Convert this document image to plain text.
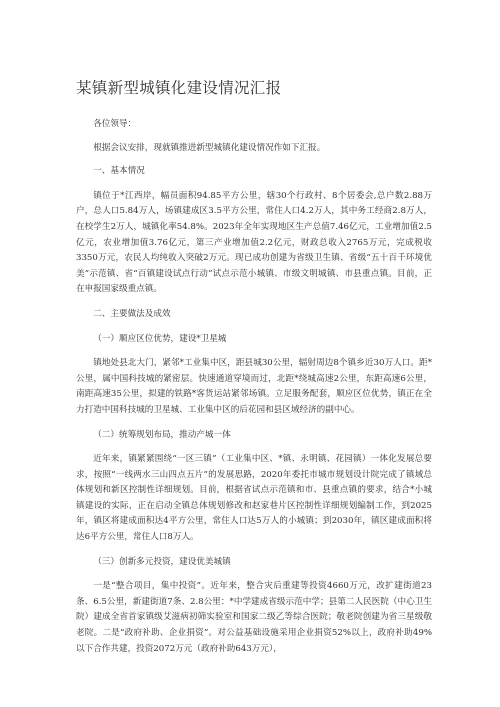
某镇新型城镇化建设情况汇报

各位领导：

根据会议安排，现就镇推进新型城镇化建设情况作如下汇报。

一、基本情况

镇位于*江西岸，幅员面积94.85平方公里，辖30个行政村、8个居委会,总户数2.88万户，总人口5.84万人，场镇建成区3.5平方公里，常住人口4.2万人，其中务工经商2.8万人，在校学生2万人，城镇化率54.8%。2023年全年实现地区生产总值7.46亿元，工业增加值2.5亿元，农业增加值3.76亿元，第三产业增加值2.2亿元，财政总收入2765万元，完成税收3350万元，农民人均纯收入突破2万元。现已成功创建为省级卫生镇、省级“五十百千环境优美”示范镇、省“百镇建设试点行动”试点示范小城镇、市级文明城镇、市县重点镇。目前，正在申报国家级重点镇。

二、主要做法及成效

（一）顺应区位优势，建设*卫星城

镇地处县北大门，紧邻*工业集中区，距县城30公里，辐射周边8个镇乡近30万人口。距*公里，属中国科技城的紧密层。快速通道穿境而过，北距*绕城高速2公里，东距高速6公里，南距高速35公里，拟建的铁路*客货运站紧邻场镇。立足服务配套，顺应区位优势，镇正在全力打造中国科技城的卫星城、工业集中区的后花园和县区域经济的副中心。

（二）统筹规划布局，推动产城一体

近年来，镇紧紧围绕“一区三镇”（工业集中区、*镇、永明镇、花园镇）一体化发展总要求，按照“一线两水三山四点五片”的发展思路，2020年委托市城市规划设计院完成了镇域总体规划和新区控制性详细规划。目前，根据省试点示范镇和市、县重点镇的要求，结合*小城镇建设的实际，正在启动全镇总体规划修改和赵家巷片区控制性详细规划编制工作，到2025年，镇区将建成面积达4平方公里，常住人口达5万人的小城镇；到2030年，镇区建成面积将达6平方公里，常住人口8万人。

（三）创新多元投资，建设优美城镇

一是“整合项目，集中投资”。近年来，整合灾后重建等投资4660万元，改扩建街道23条、6.5公里，新建街道7条、2.8公里：*中学建成省级示范中学；县第二人民医院（中心卫生院）建成全省首家镇级艾滋病初筛实验室和国家二级乙等综合医院；敬老院创建为省三星级敬老院。二是“政府补助、企业捐资”。对公益基础设施采用企业捐资52%以上，政府补助49%以下合作共建，投资2072万元（政府补助643万元），
